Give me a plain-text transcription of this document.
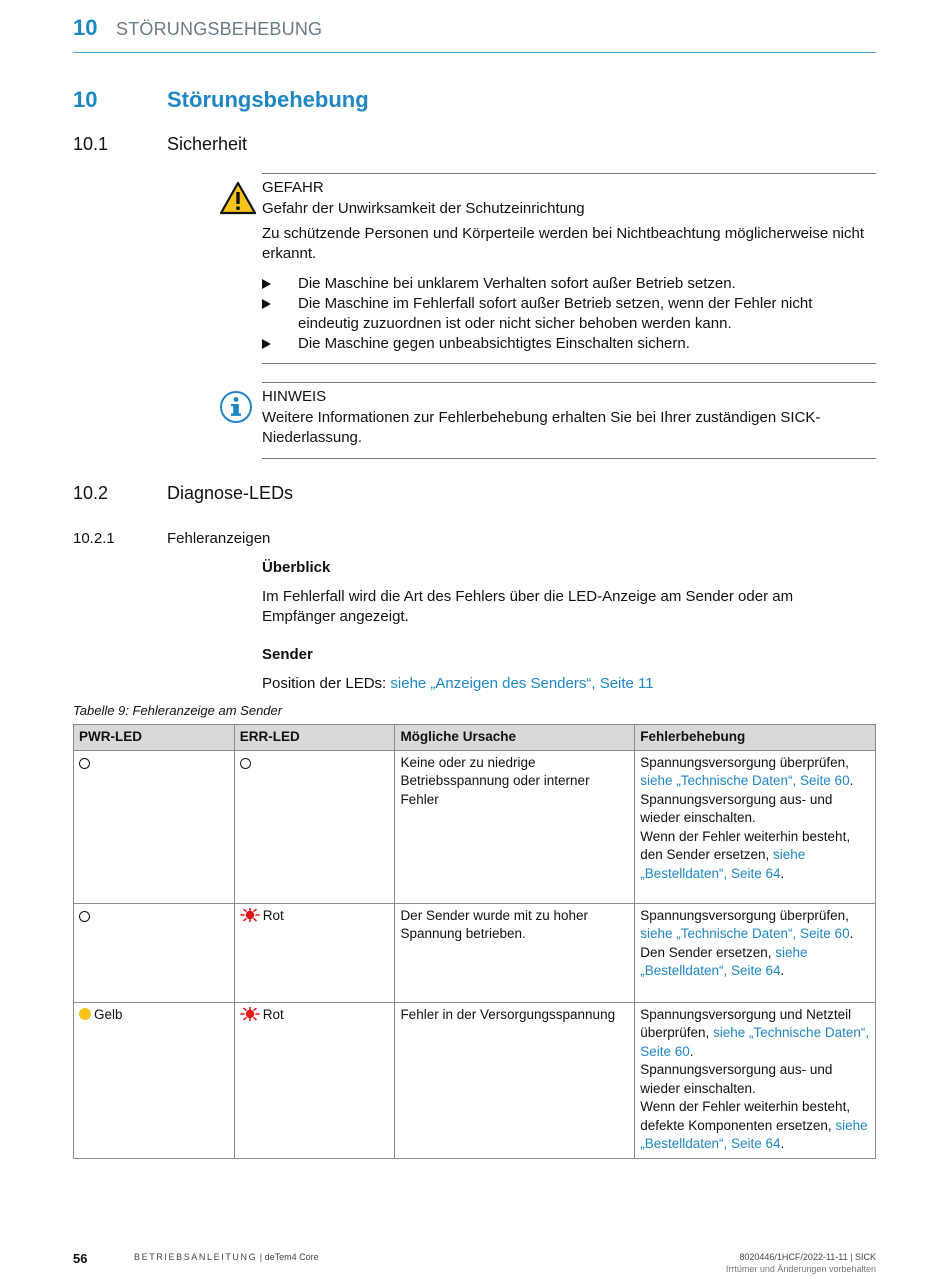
10 STÖRUNGSBEHEBUNG
10	Störungsbehebung
10.1	Sicherheit
GEFAHR
Gefahr der Unwirksamkeit der Schutzeinrichtung
Zu schützende Personen und Körperteile werden bei Nichtbeachtung möglicherweise nicht erkannt.
Die Maschine bei unklarem Verhalten sofort außer Betrieb setzen.
Die Maschine im Fehlerfall sofort außer Betrieb setzen, wenn der Fehler nicht eindeutig zuzuordnen ist oder nicht sicher behoben werden kann.
Die Maschine gegen unbeabsichtigtes Einschalten sichern.
HINWEIS
Weitere Informationen zur Fehlerbehebung erhalten Sie bei Ihrer zuständigen SICK-Niederlassung.
10.2	Diagnose-LEDs
10.2.1	Fehleranzeigen
Überblick
Im Fehlerfall wird die Art des Fehlers über die LED-Anzeige am Sender oder am Empfänger angezeigt.
Sender
Position der LEDs: siehe „Anzeigen des Senders“, Seite 11
Tabelle 9: Fehleranzeige am Sender
PWR-LED	ERR-LED	Mögliche Ursache	Fehlerbehebung
		Keine oder zu niedrige Betriebsspannung oder interner Fehler	Spannungsversorgung überprüfen, siehe „Technische Daten“, Seite 60.
Spannungsversorgung aus- und wieder einschalten.
Wenn der Fehler weiterhin besteht, den Sender ersetzen, siehe „Bestelldaten“, Seite 64.
	Rot	Der Sender wurde mit zu hoher Spannung betrieben.	Spannungsversorgung überprüfen, siehe „Technische Daten“, Seite 60.
Den Sender ersetzen, siehe „Bestelldaten“, Seite 64.
Gelb	Rot	Fehler in der Versorgungsspannung	Spannungsversorgung und Netzteil überprüfen, siehe „Technische Daten“, Seite 60.
Spannungsversorgung aus- und wieder einschalten.
Wenn der Fehler weiterhin besteht, defekte Komponenten ersetzen, siehe „Bestelldaten“, Seite 64.
56	BETRIEBSANLEITUNG | deTem4 Core	8020446/1HCF/2022-11-11 | SICK
Irrtümer und Änderungen vorbehalten
